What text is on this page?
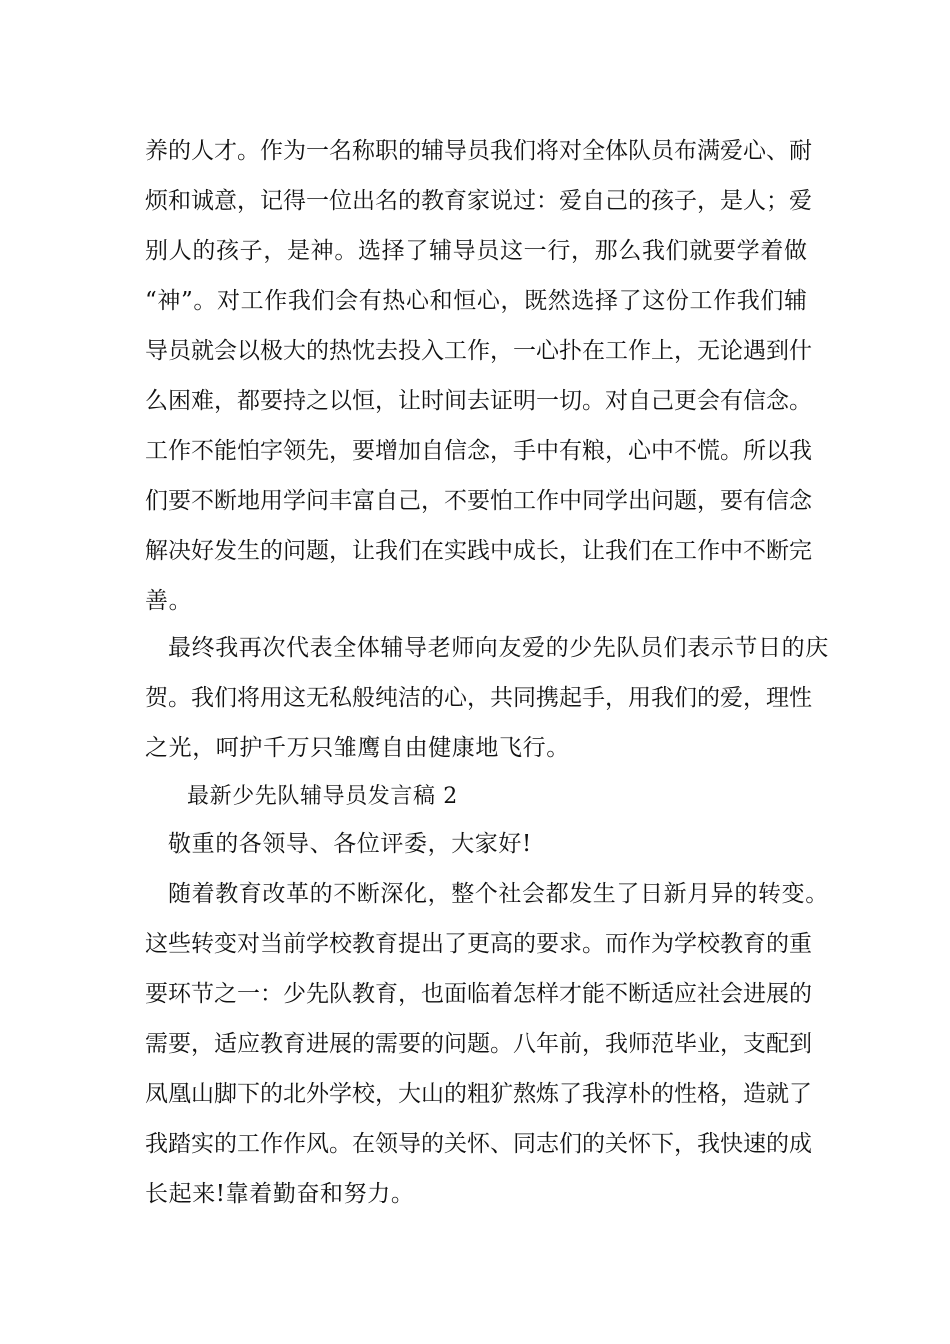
养的人才。作为一名称职的辅导员我们将对全体队员布满爱心、耐

烦和诚意，记得一位出名的教育家说过：爱自己的孩子，是人；爱

别人的孩子，是神。选择了辅导员这一行，那么我们就要学着做

“神”。对工作我们会有热心和恒心，既然选择了这份工作我们辅

导员就会以极大的热忱去投入工作，一心扑在工作上，无论遇到什

么困难，都要持之以恒，让时间去证明一切。对自己更会有信念。

工作不能怕字领先，要增加自信念，手中有粮，心中不慌。所以我

们要不断地用学问丰富自己，不要怕工作中同学出问题，要有信念

解决好发生的问题，让我们在实践中成长，让我们在工作中不断完

善。

最终我再次代表全体辅导老师向友爱的少先队员们表示节日的庆

贺。我们将用这无私般纯洁的心，共同携起手，用我们的爱，理性

之光，呵护千万只雏鹰自由健康地飞行。

最新少先队辅导员发言稿 2

敬重的各领导、各位评委，大家好!

随着教育改革的不断深化，整个社会都发生了日新月异的转变。

这些转变对当前学校教育提出了更高的要求。而作为学校教育的重

要环节之一：少先队教育，也面临着怎样才能不断适应社会进展的

需要，适应教育进展的需要的问题。八年前，我师范毕业，支配到

凤凰山脚下的北外学校，大山的粗犷熬炼了我淳朴的性格，造就了

我踏实的工作作风。在领导的关怀、同志们的关怀下，我快速的成

长起来!靠着勤奋和努力。
